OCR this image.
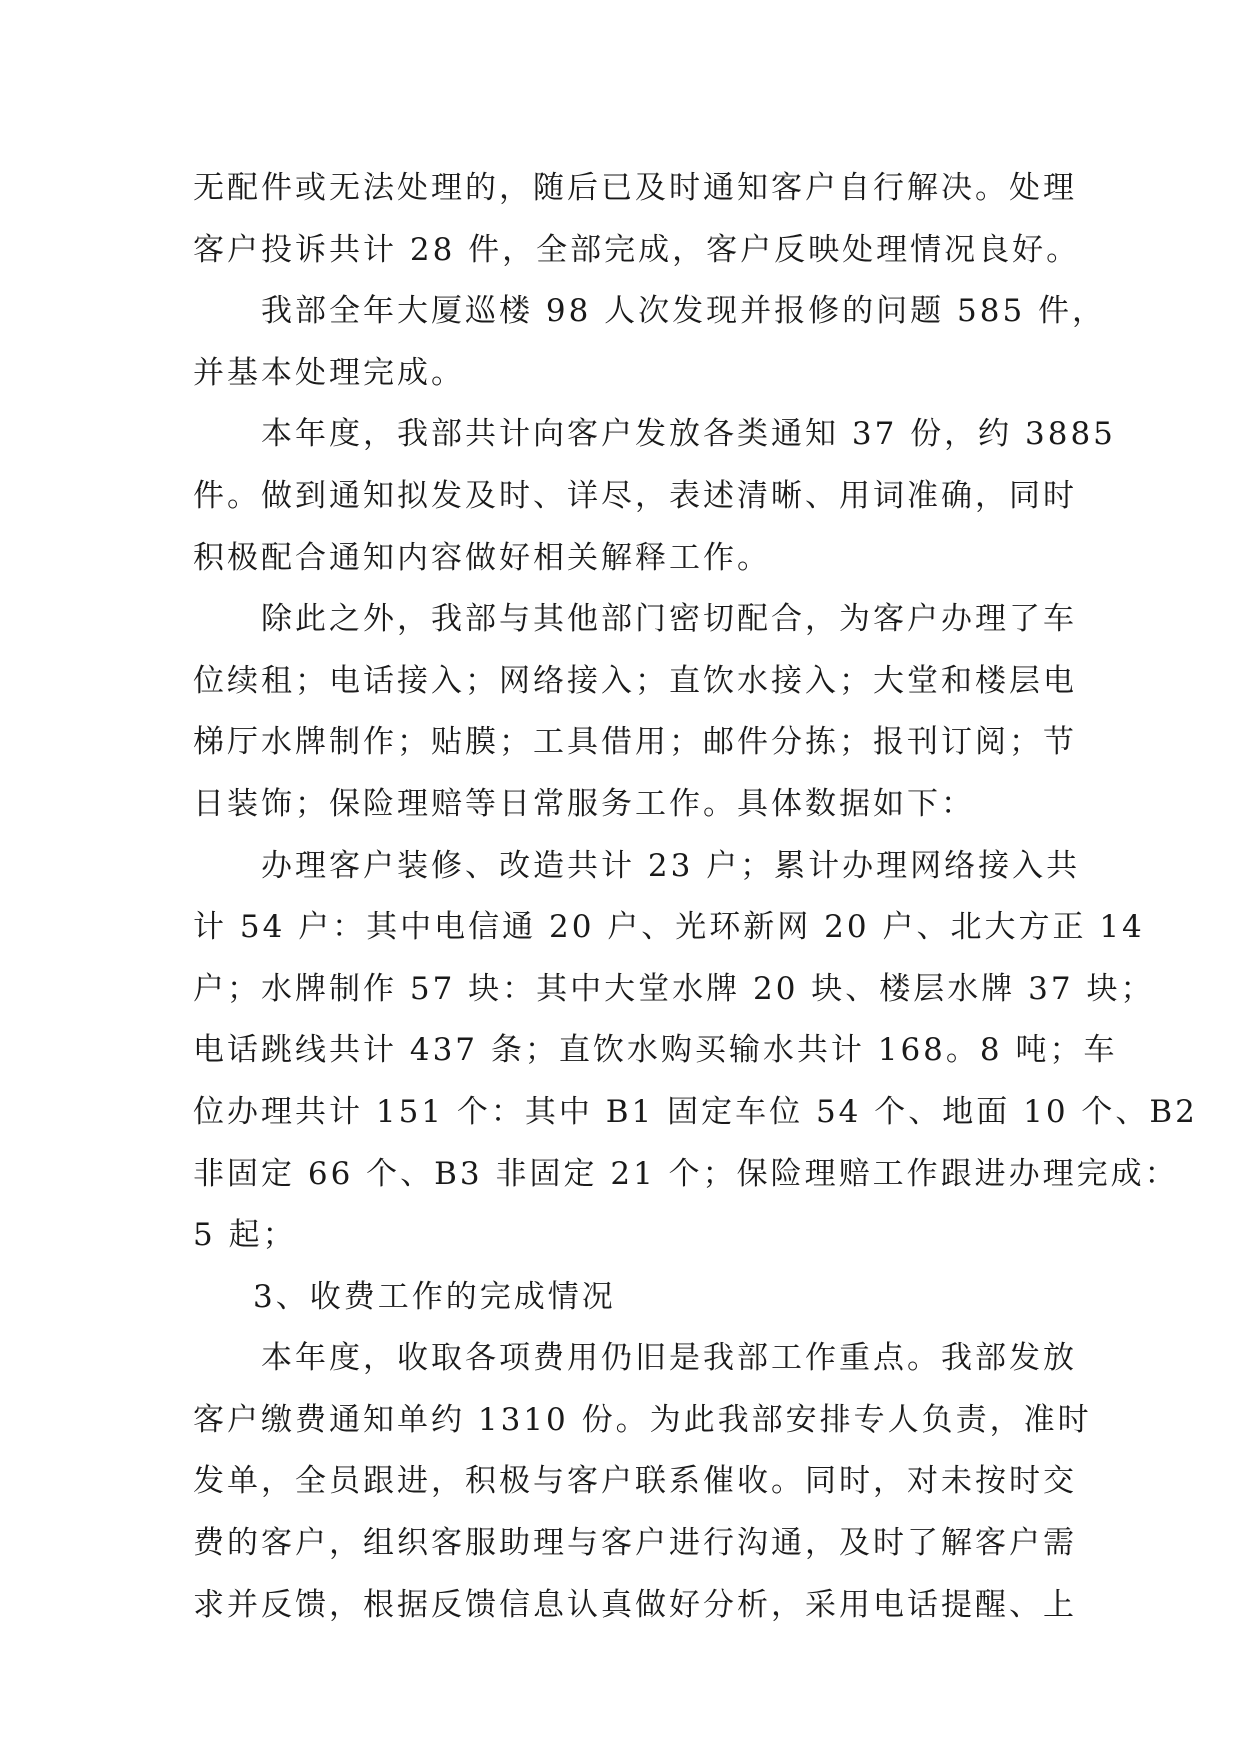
无配件或无法处理的，随后已及时通知客户自行解决。处理
客户投诉共计 28 件，全部完成，客户反映处理情况良好。
我部全年大厦巡楼 98 人次发现并报修的问题 585 件，
并基本处理完成。
本年度，我部共计向客户发放各类通知 37 份，约 3885
件。做到通知拟发及时、详尽，表述清晰、用词准确，同时
积极配合通知内容做好相关解释工作。
除此之外，我部与其他部门密切配合，为客户办理了车
位续租；电话接入；网络接入；直饮水接入；大堂和楼层电
梯厅水牌制作；贴膜；工具借用；邮件分拣；报刊订阅；节
日装饰；保险理赔等日常服务工作。具体数据如下：
办理客户装修、改造共计 23 户；累计办理网络接入共
计 54 户：其中电信通 20 户、光环新网 20 户、北大方正 14
户；水牌制作 57 块：其中大堂水牌 20 块、楼层水牌 37 块；
电话跳线共计 437 条；直饮水购买输水共计 168。8 吨；车
位办理共计 151 个：其中 B1 固定车位 54 个、地面 10 个、B2
非固定 66 个、B3 非固定 21 个；保险理赔工作跟进办理完成：
5 起；
3、收费工作的完成情况
本年度，收取各项费用仍旧是我部工作重点。我部发放
客户缴费通知单约 1310 份。为此我部安排专人负责，准时
发单，全员跟进，积极与客户联系催收。同时，对未按时交
费的客户，组织客服助理与客户进行沟通，及时了解客户需
求并反馈，根据反馈信息认真做好分析，采用电话提醒、上
